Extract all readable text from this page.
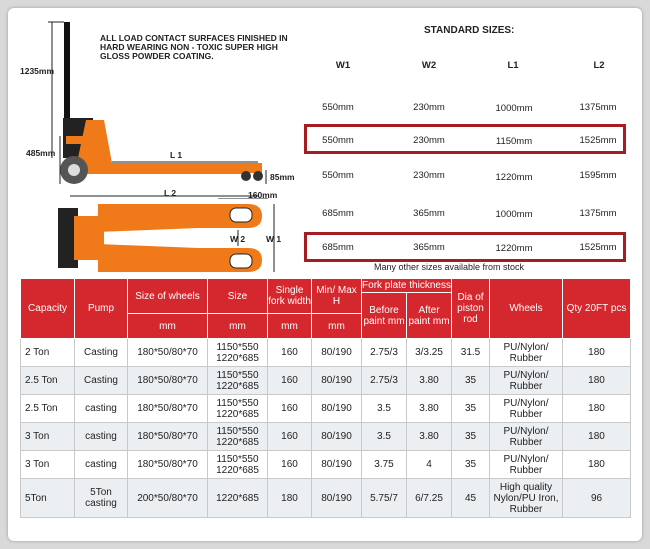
1235mm
485mm	L 1
85mm
L 2	160mm
W 2 W 1
ALL LOAD CONTACT SURFACES FINISHED IN HARD WEARING NON - TOXIC SUPER HIGH GLOSS POWDER COATING.
STANDARD SIZES:
W1	W2	L1	L2
550mm	230mm	1000mm	1375mm
550mm	230mm	1150mm	1525mm
550mm	230mm	1220mm	1595mm
685mm	365mm	1000mm	1375mm
685mm	365mm	1220mm	1525mm
Many other sizes available from stock
Capacity	Pump	Size of wheels	Size	Single fork width	Min/ Max H	Fork plate thickness		Dia of piston rod	Wheels	Qty 20FT pcs
						Before paint mm	After paint mm			
		mm	mm	mm	mm					
2 Ton	Casting	180*50/80*70	1150*550 1220*685	160	80/190	2.75/3	3/3.25	31.5	PU/Nylon/ Rubber	180
2.5 Ton	Casting	180*50/80*70	1150*550 1220*685	160	80/190	2.75/3	3.80	35	PU/Nylon/ Rubber	180
2.5 Ton	casting	180*50/80*70	1150*550 1220*685	160	80/190	3.5	3.80	35	PU/Nylon/ Rubber	180
3 Ton	casting	180*50/80*70	1150*550 1220*685	160	80/190	3.5	3.80	35	PU/Nylon/ Rubber	180
3 Ton	casting	180*50/80*70	1150*550 1220*685	160	80/190	3.75	4	35	PU/Nylon/ Rubber	180
5Ton	5Ton casting	200*50/80*70	1220*685	180	80/190	5.75/7	6/7.25	45	High quality Nylon/PU Iron, Rubber	96
